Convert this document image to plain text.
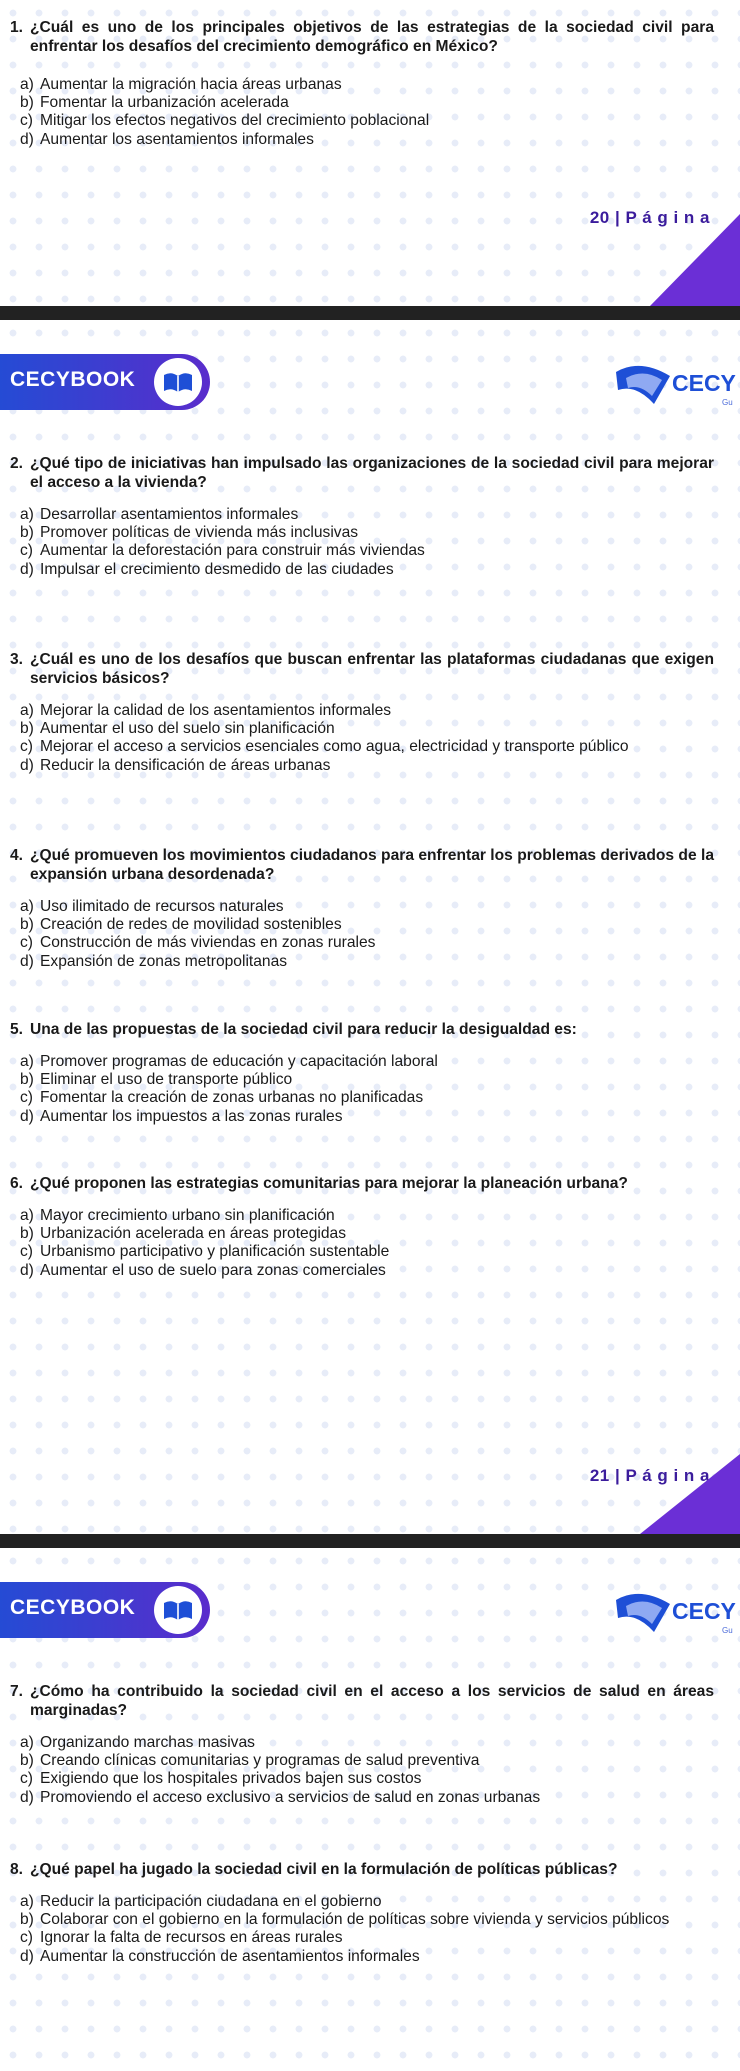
1. ¿Cuál es uno de los principales objetivos de las estrategias de la sociedad civil para enfrentar los desafíos del crecimiento demográfico en México?
a) Aumentar la migración hacia áreas urbanas
b) Fomentar la urbanización acelerada
c) Mitigar los efectos negativos del crecimiento poblacional
d) Aumentar los asentamientos informales
20 | P á g i n a
CECYBOOK	CECY
Gu
2. ¿Qué tipo de iniciativas han impulsado las organizaciones de la sociedad civil para mejorar el acceso a la vivienda?
a) Desarrollar asentamientos informales
b) Promover políticas de vivienda más inclusivas
c) Aumentar la deforestación para construir más viviendas
d) Impulsar el crecimiento desmedido de las ciudades
3. ¿Cuál es uno de los desafíos que buscan enfrentar las plataformas ciudadanas que exigen servicios básicos?
a) Mejorar la calidad de los asentamientos informales
b) Aumentar el uso del suelo sin planificación
c) Mejorar el acceso a servicios esenciales como agua, electricidad y transporte público
d) Reducir la densificación de áreas urbanas
4. ¿Qué promueven los movimientos ciudadanos para enfrentar los problemas derivados de la expansión urbana desordenada?
a) Uso ilimitado de recursos naturales
b) Creación de redes de movilidad sostenibles
c) Construcción de más viviendas en zonas rurales
d) Expansión de zonas metropolitanas
5. Una de las propuestas de la sociedad civil para reducir la desigualdad es:
a) Promover programas de educación y capacitación laboral
b) Eliminar el uso de transporte público
c) Fomentar la creación de zonas urbanas no planificadas
d) Aumentar los impuestos a las zonas rurales
6. ¿Qué proponen las estrategias comunitarias para mejorar la planeación urbana?
a) Mayor crecimiento urbano sin planificación
b) Urbanización acelerada en áreas protegidas
c) Urbanismo participativo y planificación sustentable
d) Aumentar el uso de suelo para zonas comerciales
21 | P á g i n a
CECYBOOK	CECY
Gu
7. ¿Cómo ha contribuido la sociedad civil en el acceso a los servicios de salud en áreas marginadas?
a) Organizando marchas masivas
b) Creando clínicas comunitarias y programas de salud preventiva
c) Exigiendo que los hospitales privados bajen sus costos
d) Promoviendo el acceso exclusivo a servicios de salud en zonas urbanas
8. ¿Qué papel ha jugado la sociedad civil en la formulación de políticas públicas?
a) Reducir la participación ciudadana en el gobierno
b) Colaborar con el gobierno en la formulación de políticas sobre vivienda y servicios públicos
c) Ignorar la falta de recursos en áreas rurales
d) Aumentar la construcción de asentamientos informales
